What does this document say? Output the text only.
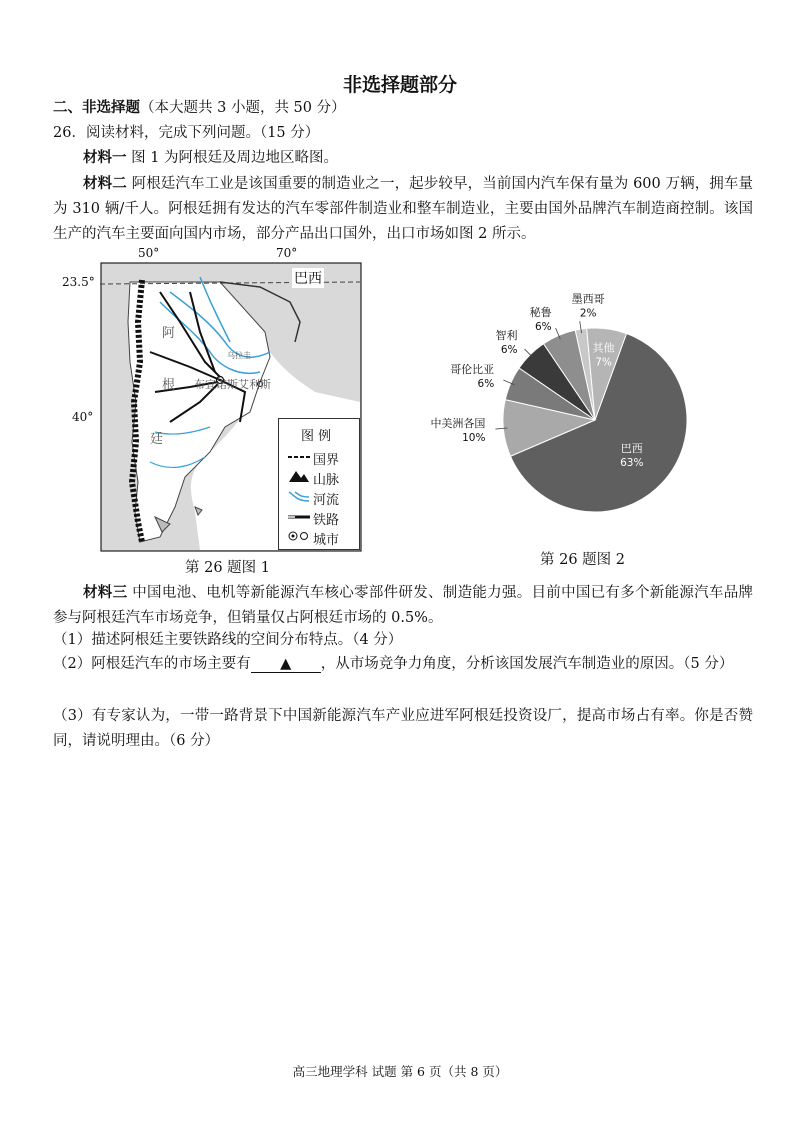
非选择题部分
二、非选择题（本大题共 3 小题，共 50 分）
26．阅读材料，完成下列问题。（15 分）
材料一 图 1 为阿根廷及周边地区略图。
材料二 阿根廷汽车工业是该国重要的制造业之一，起步较早，当前国内汽车保有量为 600 万辆，拥车量为 310 辆/千人。阿根廷拥有发达的汽车零部件制造业和整车制造业，主要由国外品牌汽车制造商控制。该国生产的汽车主要面向国内市场，部分产品出口国外，出口市场如图 2 所示。
50°	70°
23.5°
40°
巴西
阿
根
廷
布宜诺斯艾利斯
乌拉圭
图 例
国界
山脉
河流
铁路
城市
第 26 题图 1
巴西
63%
中美洲各国
10%
哥伦比亚
6%
智利
6%
秘鲁
6%
墨西哥
2%
其他
7%
第 26 题图 2
材料三 中国电池、电机等新能源汽车核心零部件研发、制造能力强。目前中国已有多个新能源汽车品牌参与阿根廷汽车市场竞争，但销量仅占阿根廷市场的 0.5%。
（1）描述阿根廷主要铁路线的空间分布特点。（4 分）
（2）阿根廷汽车的市场主要有 ▲ ，从市场竞争力角度，分析该国发展汽车制造业的原因。（5 分）
（3）有专家认为，一带一路背景下中国新能源汽车产业应进军阿根廷投资设厂，提高市场占有率。你是否赞同，请说明理由。（6 分）
高三地理学科 试题 第 6 页（共 8 页）
